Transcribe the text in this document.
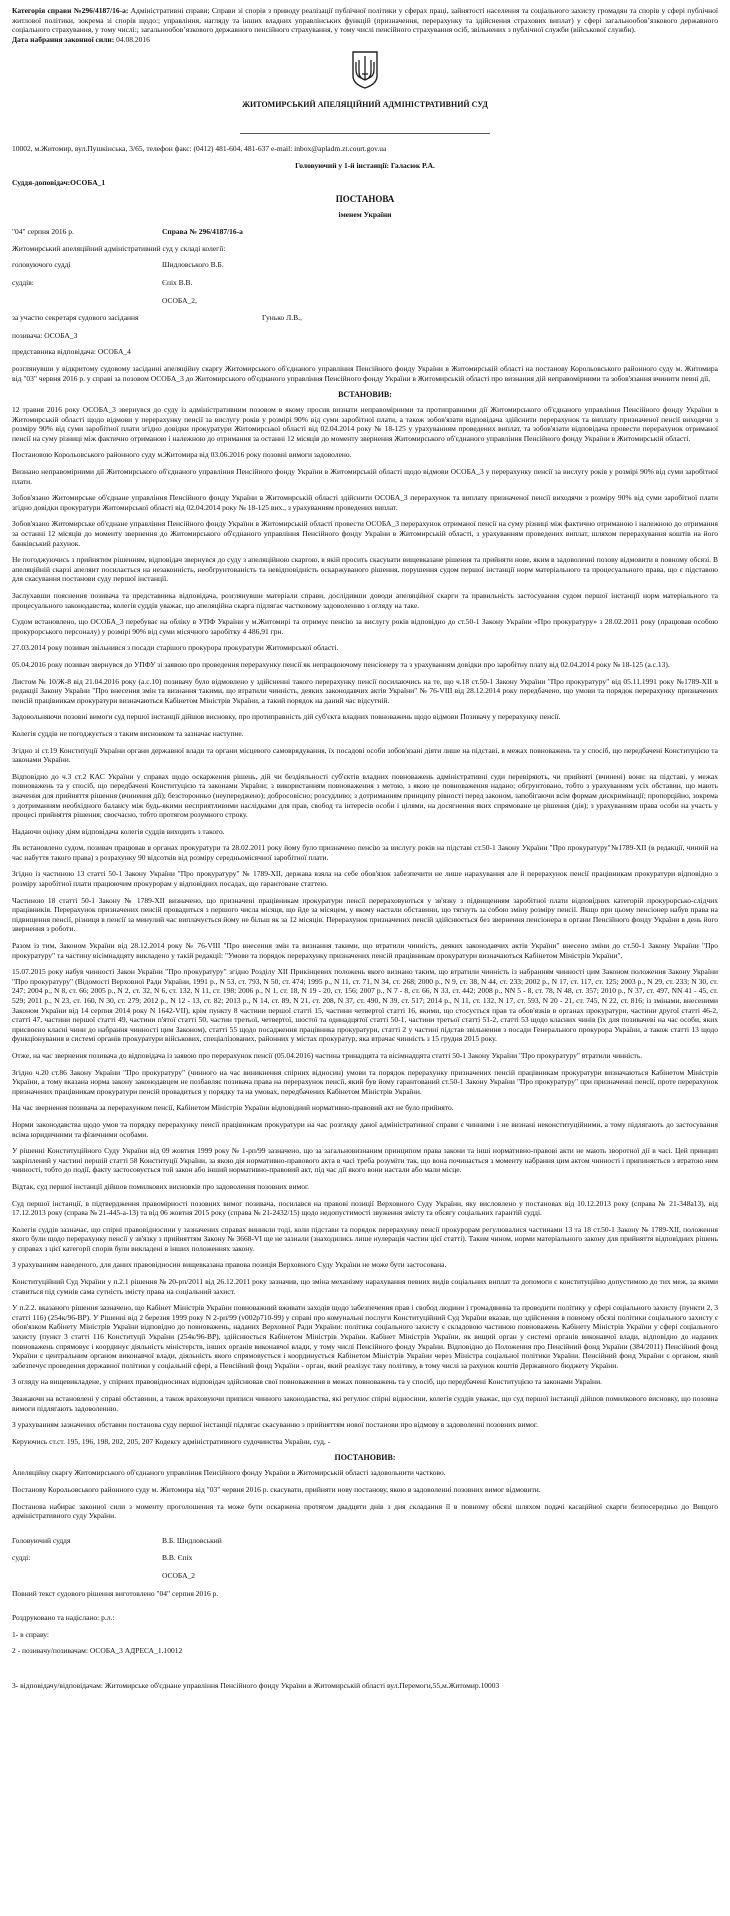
Категорія справи №296/4187/16-а: Адміністративні справи; Справи зі спорів з приводу реалізації публічної політики у сферах праці, зайнятості населення та соціального захисту громадян та спорів у сфері публічної житлової політики, зокрема зі спорів щодо:; управління, нагляду та інших владних управлінських функцій (призначення, перерахунку та здійснення страхових виплат) у сфері загальнообов’язкового державного соціального страхування, у тому числі:; загальнообов’язкового державного пенсійного страхування, у тому числі пенсійного страхування осіб, звільнених з публічної служби (військової служби).

Дата набрання законної сили: 04.08.2016

ЖИТОМИРСЬКИЙ АПЕЛЯЦІЙНИЙ АДМІНІСТРАТИВНИЙ СУД

10002, м.Житомир, вул.Пушкінська, 3/65, телефон факс: (0412) 481-604, 481-637 е-mail: inbox@apladm.zt.court.gov.ua

Головуючий у 1-й інстанції: Галасюк Р.А.

Суддя-доповідач:ОСОБА_1

ПОСТАНОВА

іменем України

"04" серпня 2016 р.	Справа № 296/4187/16-а

Житомирський апеляційний адміністративний суд у складі колегії:

головуючого судді	Шидловського В.Б.
суддів:	Єпіх В.В.
ОСОБА_2,
за участю секретаря судового засідання	Гунько Л.В.,

позивача: ОСОБА_3

представника відповідача: ОСОБА_4

розглянувши у відкритому судовому засіданні апеляційну скаргу Житомирського об'єднаного управління Пенсійного фонду України в Житомирській області на постанову Корольовського районного суду м. Житомира від "03" червня 2016 р. у справі за позовом ОСОБА_3 до Житомирського об'єднаного управління Пенсійного фонду України в Житомирській області про визнання дій неправомірними та зобов'язання вчинити певні дії,

ВСТАНОВИВ:

12 травня 2016 року ОСОБА_3 звернувся до суду із адміністративним позовом в якому просив визнати неправомірними та протиправними дії Житомирського об'єднаного управління Пенсійного фонду України в Житомирській області щодо відмови у перерахунку пенсії за вислугу років у розмірі 90% від суми заробітної плати, а також зобов'язати відповідача здійснити перерахунок та виплату призначеної пенсії виходячи з розміру 90% від суми заробітної плати згідно довідки прокуратури Житомирської області від 02.04.2014 року № 18-125 у урахуванням проведених виплат, та зобов'язати відповідача провести перерахунок отриманої пенсії на суму різниці між фактично отриманою і належною до отримання за останні 12 місяців до моменту звернення Житомирського об'єднаного управління Пенсійного фонду України в Житомирській області.

Постановою Корольовського районного суду м.Житомира від 03.06.2016 року позовні вимоги задоволено.

Визнано неправомірними дії Житомирського об'єднаного управління Пенсійного фонду України в Житомирській області щодо відмови ОСОБА_3 у перерахунку пенсії за вислугу років у розмірі 90% від суми заробітної плати.

Зобов'язано Житомирське об'єднане управління Пенсійного фонду України в Житомирській області здійснити ОСОБА_3 перерахунок та виплату призначеної пенсії виходячи з розміру 90% від суми заробітної плати згідно довідки прокуратури Житомирської області від 02.04.2014 року № 18-125 вих., з урахуванням проведених виплат.

Зобов'язано Житомирське об'єднане управління Пенсійного фонду України в Житомирській області провести ОСОБА_3 перерахунок отриманої пенсії на суму різниці між фактично отриманою і належною до отримання за останні 12 місяців до моменту звернення до Житомирського об'єднаного управління Пенсійного фонду України в Житомирській області, з урахуванням проведених виплат, шляхом перерахування коштів на його банківський рахунок.

Не погоджуючись з прийнятим рішенням, відповідач звернувся до суду з апеляційною скаргою, в якій просить скасувати вищевказане рішення та прийняти нове, яким в задоволенні позову відмовити в повному обсязі. В апеляційній скарзі апелянт посилається на незаконність, необґрунтованість та невідповідність оскаржуваного рішення, порушення судом першої інстанції норм матеріального та процесуального права, що є підставою для скасування постанови суду першої інстанції.

Заслухавши пояснення позивача та представника відповідача, розглянувши матеріали справи, дослідивши доводи апеляційної скарги та правильність застосування судом першої інстанції норм матеріального та процесуального законодавства, колегія суддів уважає, що апеляційна скарга підлягає частковому задоволенню з огляду на таке.

Судом встановлено, що ОСОБА_3 перебуває на обліку в УПФ України у м.Житомирі та отримує пенсію за вислугу років відповідно до ст.50-1 Закону України «Про прокуратуру» з 28.02.2011 року (працював особою прокурорського персоналу) у розмірі 90% від суми місячного заробітку 4 486,91 грн.

27.03.2014 року позивач звільнився з посади старшого прокурора прокуратури Житомирської області.

05.04.2016 року позивач звернувся до УПФУ зі заявою про проведення перерахунку пенсії як непрацюючому пенсіонеру та з урахуванням довідки про заробітну плату від 02.04.2014 року № 18-125 (а.с.13).

Листом № 10/Ж-8 від 21.04.2016 року (а.с.10) позивачу було відмовлено у здійсненні такого перерахунку пенсії посилаючись на те, що ч.18 ст.50-1 Закону України "Про прокуратуру" від 05.11.1991 року №1789-ХІІ в редакції Закону України "Про внесення змін та визнання такими, що втратили чинність, деяких законодавчих актів України" № 76-VIII від 28.12.2014 року передбачено, що умови та порядок перерахунку призначених пенсій працівникам прокуратури визначаються Кабінетом Міністрів України, а такий порядок на даний час відсутній.

Задовольняючи позовні вимоги суд першої інстанції дійшов висновку, про протиправність дій суб'єкта владних повноважень щодо відмови Позивачу у перерахунку пенсії.

Колегія суддів не погоджується з таким висновком та зазначає наступне.

Згідно зі ст.19 Конституції України органи державної влади та органи місцевого самоврядування, їх посадові особи зобов'язані діяти лише на підставі, в межах повноважень та у спосіб, що передбачені Конституцією та законами України.

Відповідно до ч.3 ст.2 КАС України у справах щодо оскарження рішень, дій чи бездіяльності суб'єктів владних повноважень адміністративні суди перевіряють, чи прийняті (вчинені) вони: на підставі, у межах повноважень та у спосіб, що передбачені Конституцією та законами України; з використанням повноваження з метою, з якою це повноваження надано; обґрунтовано, тобто з урахуванням усіх обставин, що мають значення для прийняття рішення (вчинення дії); безсторонньо (неупереджено); добросовісно; розсудливо; з дотриманням принципу рівності перед законом, запобігаючи всім формам дискримінації; пропорційно, зокрема з дотриманням необхідного балансу між будь-якими несприятливими наслідками для прав, свобод та інтересів особи і цілями, на досягнення яких спрямоване це рішення (дія); з урахуванням права особи на участь у процесі прийняття рішення; своєчасно, тобто протягом розумного строку.

Надаючи оцінку діям відповідача колегія суддів виходить з такого.

Як встановлено судом, позивач працював в органах прокуратури та 28.02.2011 року йому було призначено пенсію за вислугу років на підставі ст.50-1 Закону України "Про прокуратуру"№1789-ХІІ (в редакції, чинній на час набуття такого права) з розрахунку 90 відсотків від розміру середньомісячної заробітної плати.

Згідно із частиною 13 статті 50-1 Закону України "Про прокуратуру" № 1789-ХІІ, держава взяла на себе обов'язок забезпечити не лише нарахування але й перерахунок пенсії працівникам прокуратури відповідно з розміру заробітної плати працюючим прокурорам у відповідних посадах, що гарантоване статтею.

Частиною 18 статті 50-1 Закону № 1789-ХІІ визначено, що призначені працівникам прокуратури пенсії перераховуються у зв'язку з підвищенням заробітної плати відповідних категорій прокурорсько-слідчих працівників. Перерахунок призначених пенсій провадиться з першого числа місяця, що йде за місяцем, у якому настали обставини, що тягнуть за собою зміну розміру пенсії. Якщо при цьому пенсіонер набув права на підвищення пенсії, різниця в пенсії за минулий час виплачується йому не більш як за 12 місяців. Перерахунок призначених пенсій здійснюється без звернення пенсіонера в органи Пенсійного фонду України в день його звернення з роботи.

Разом із тим, Законом України від 28.12.2014 року № 76-VIII "Про внесення змін та визнання такими, що втратили чинність, деяких законодавчих актів України" внесено зміни до ст.50-1 Закону України "Про прокуратуру" та частину вісімнадцяту викладено у такій редакції: "Умови та порядок перерахунку призначених пенсій працівникам прокуратури визначаються Кабінетом Міністрів України".

15.07.2015 року набув чинності Закон України "Про прокуратуру" згідно Розділу XII Прикінцевих положень якого визнано таким, що втратили чинність із набранням чинності цим Законом положення Закону України "Про прокуратуру" (Відомості Верховної Ради України, 1991 р., N 53, ст. 793, N 50, ст. 474; 1995 р., N 11, ст. 71, N 34, ст. 268; 2000 р., N 9, ст. 38, N 44, ст. 233; 2002 р., N 17, ст. 117, ст. 125; 2003 р., N 29, ст. 233; N 30, ст. 247; 2004 р., N 8, ст. 66; 2005 р., N 2, ст. 32, N 6, ст. 132, N 11, ст. 198; 2006 р., N 1, ст. 18, N 19 - 20, ст. 156; 2007 р., N 7 - 8, ст. 66, N 33, ст. 442; 2008 р., NN 5 - 8, ст. 78, N 48, ст. 357; 2010 р., N 37, ст. 497, NN 41 - 45, ст. 529; 2011 р., N 23, ст. 160, N 30, ст. 279; 2012 р., N 12 - 13, ст. 82; 2013 р., N 14, ст. 89, N 21, ст. 208, N 37, ст. 490, N 39, ст. 517; 2014 р., N 11, ст. 132, N 17, ст. 593, N 20 - 21, ст. 745, N 22, ст. 816; із змінами, внесеними Законом України від 14 серпня 2014 року N 1642-VII), крім пункту 8 частини першої статті 15, частини четвертої статті 16, якими, що стосується прав та обов'язків в органах прокуратури, частини другої статті 46-2, статті 47, частини першої статті 49, частини п'ятої статті 50, частин третьої, четвертої, шостої та одинадцятої статті 50-1, частини третьої статті 51-2, статті 53 щодо класних чинів (їх для позивачеві на час особи, яких присвоєно класні чини до набрання чинності цим Законом), статті 55 щодо посадження працівника прокуратури, статті 2 у частині підстав звільнення з посади Генерального прокурора України, а також статті 13 щодо функціонування в системі органів прокуратури військових, спеціалізованих, районних у містах прокуратур, яка втрачає чинність з 15 грудня 2015 року.

Отже, на час звернення позивача до відповідача із заявою про перерахунок пенсії (05.04.2016) частина тринадцята та вісімнадцята статті 50-1 Закону України "Про прокуратуру" втратили чинність.

Згідно ч.20 ст.86 Закону України "Про прокуратуру" (чинного на час виникнення спірних відносин) умови та порядок перерахунку призначених пенсій працівникам прокуратури визначаються Кабінетом Міністрів України, а тому вказана норма закону законодавцем не позбавляє позивача права на перерахунок пенсії, який був йому гарантований ст.50-1 Закону України "Про прокуратуру" при призначенні пенсії, проте перерахунок призначених працівникам прокуратури пенсій провадиться у порядку та на умовах, передбачених Кабінетом Міністрів України.

На час звернення позивача за перерахунком пенсії, Кабінетом Міністрів України відповідний нормативно-правовий акт не було прийнято.

Норми законодавства щодо умов та порядку перерахунку пенсії працівникам прокуратури на час розгляду даної адміністративної справи є чинними і не визнані неконституційними, а тому підлягають до застосування всіма юридичними та фізичними особами.

У рішенні Конституційного Суду України від 09 жовтня 1999 року № 1-рп/99 зазначено, що за загальновизнаним принципом права закони та інші нормативно-правові акти не мають зворотної дії в часі. Цей принцип закріплений у частині першій статті 58 Конституції України, за якою дія нормативно-правового акта в часі треба розуміти так, що вона починається з моменту набрання цим актом чинності і припиняється з втратою ним чинності, тобто до події, факту застосовується той закон або інший нормативно-правовий акт, під час дії якого вони настали або мали місце.

Відтак, суд першої інстанції дійшов помилкових висновків про задоволення позовних вимог.

Суд першої інстанції, в підтвердження правомірності позовних вимог позивача, посилався на правові позиції Верховного Суду України, яку висловлено у постановах від 10.12.2013 року (справа № 21-348а13), від 17.12.2013 року (справа № 21-445-а-13) та від 06 жовтня 2015 року (справа № 21-2432/15) щодо недопустимості звуження змісту та обсягу соціальних гарантій судді.

Колегія суддів зазначає, що спірні правовідносини у зазначених справах виникли тоді, коли підстави та порядок перерахунку пенсії прокурорам регулювалися частинами 13 та 18 ст.50-1 Закону № 1789-ХІІ, положення якого були щодо перерахунку пенсії у зв'язку з прийняттям Закону № 3668-VI ще не зазнали (знаходились лише нулерація частин цієї статті). Таким чином, норми матеріального закону для прийняття відповідних рішень у справах з цієї категорії спорів були викладені в інших положеннях закону.

З урахуванням наведеного, для даних правовідносин вищевказана правова позиція Верховного Суду України не може бути застосована.

Конституційний Суд України у п.2.1 рішення № 20-рп/2011 від 26.12.2011 року зазначив, що зміна механізму нарахування певних видів соціальних виплат та допомоги є конституційно допустимою до тих меж, за якими ставиться під сумнів сама сутність змісту права на соціальний захист.

У п.2.2. вказаного рішення зазначено, що Кабінет Міністрів України повноважний вживати заходів щодо забезпечення прав і свобод людини і громадянина та проводити політику у сфері соціального захисту (пункти 2, 3 статті 116) (254к/96-ВР). У Рішенні від 2 березня 1999 року N 2-рп/99 (v002p710-99) у справі про комунальні послуги Конституційний Суд України вказав, що здійснення в повному обсязі політики соціального захисту є обов'язком Кабінету Міністрів України відповідно до повноважень, наданих Верховної Ради України: політика соціального захисту є складовою частиною повноважень Кабінету Міністрів України у сфері соціального захисту (пункт 3 статті 116 Конституції України (254к/96-ВР), здійснюється Кабінетом Міністрів України. Кабінет Міністрів України, як вищий орган у системі органів виконавчої влади, відповідно до наданих повноважень спрямовує і координує діяльність міністерств, інших органів виконавчої влади, у тому числі Пенсійного фонду України. Відповідно до Положення про Пенсійний фонд України (384/2011) Пенсійний фонд України є центральним органом виконавчої влади, діяльність якого спрямовується і координується Кабінетом Міністрів України через Міністра соціальної політики України. Пенсійний фонд України є органом, який забезпечує проведення державної політики у соціальній сфері, а Пенсійний фонд України - орган, який реалізує таку політику, в тому числі за рахунок коштів Державного бюджету України.

З огляду на вищевикладене, у спірних правовідносинах відповідач здійснював свої повноваження в межах повноважень та у спосіб, що передбачені Конституцією та законами України.

Зважаючи на встановлені у справі обставини, а також враховуючи приписи чинного законодавства, які регулює спірні відносини, колегія суддів уважає, що суд першої інстанції дійшов помилкового висновку, що позовна вимоги підлягають задоволенню.

З урахуванням зазначених обставин постанова суду першої інстанції підлягає скасуванню з прийняттям нової постанови про відмову в задоволенні позовних вимог.

Керуючись ст.ст. 195, 196, 198, 202, 205, 207 Кодексу адміністративного судочинства України, суд, -

ПОСТАНОВИВ:

Апеляційну скаргу Житомирського об'єднаного управління Пенсійного фонду України в Житомирській області задовольнити частково.

Постанову Корольовського районного суду м. Житомира від "03" червня 2016 р. скасувати, прийняти нову постанову, якою в задоволенні позовних вимог відмовити.

Постанова набирає законної сили з моменту проголошення та може бути оскаржена протягом двадцяти днів з дня складання її в повному обсязі шляхом подачі касаційної скарги безпосередньо до Вищого адміністративного суду України.

Головуючий суддя	В.Б. Шидловський
судді:	В.В. Єпіх
ОСОБА_2

Повний текст судового рішення виготовлено "04" серпня 2016 р.

Роздруковано та надіслано: р.л.:

1- в справу:

2 - позивачу/позивачам: ОСОБА_3 АДРЕСА_1.10012

3- відповідачу/відповідачам: Житомирське об'єднане управління Пенсійного фонду України в Житомирській області вул.Перемоги,55,м.Житомир.10003
